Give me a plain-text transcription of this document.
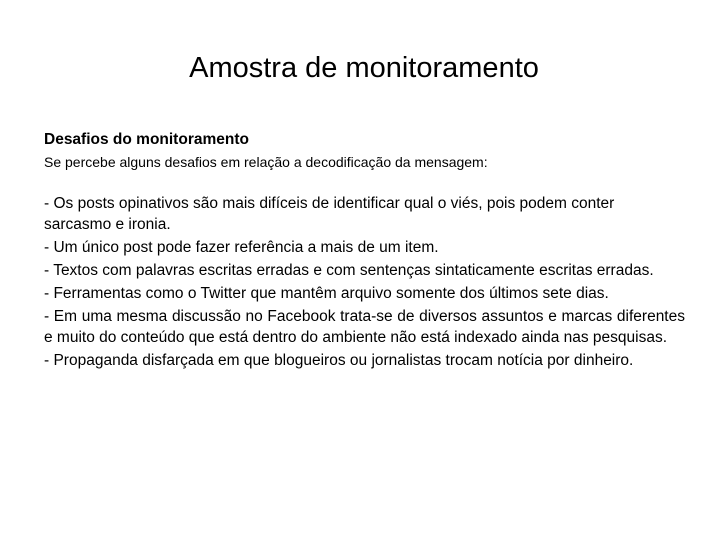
Amostra de monitoramento

Desafios do monitoramento

Se percebe alguns desafios em relação a decodificação da mensagem:

- Os posts opinativos são mais difíceis de identificar qual o viés, pois podem conter sarcasmo e ironia.
- Um único post pode fazer referência a mais de um item.
- Textos com palavras escritas erradas e com sentenças sintaticamente escritas erradas.
- Ferramentas como o Twitter que mantêm arquivo somente dos últimos sete dias.
- Em uma mesma discussão no Facebook trata-se de diversos assuntos e marcas diferentes e muito do conteúdo que está dentro do ambiente não está indexado ainda nas pesquisas.
- Propaganda disfarçada em que blogueiros ou jornalistas trocam notícia por dinheiro.
